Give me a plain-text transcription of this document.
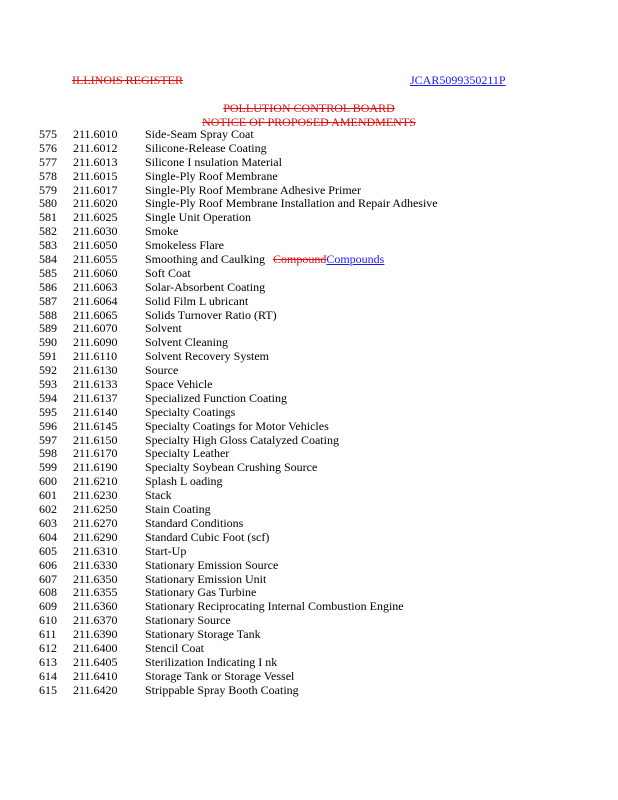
ILLINOIS REGISTER	JCAR5099350211P
POLLUTION CONTROL BOARD
NOTICE OF PROPOSED AMENDMENTS
575 211.6010 Side-Seam Spray Coat
576 211.6012 Silicone-Release Coating
577 211.6013 Silicone I nsulation Material
578 211.6015 Single-Ply Roof Membrane
579 211.6017 Single-Ply Roof Membrane Adhesive Primer
580 211.6020 Single-Ply Roof Membrane Installation and Repair Adhesive
581 211.6025 Single Unit Operation
582 211.6030 Smoke
583 211.6050 Smokeless Flare
584 211.6055 Smoothing and Caulking CompoundCompounds
585 211.6060 Soft Coat
586 211.6063 Solar-Absorbent Coating
587 211.6064 Solid Film L ubricant
588 211.6065 Solids Turnover Ratio (RT)
589 211.6070 Solvent
590 211.6090 Solvent Cleaning
591 211.6110 Solvent Recovery System
592 211.6130 Source
593 211.6133 Space Vehicle
594 211.6137 Specialized Function Coating
595 211.6140 Specialty Coatings
596 211.6145 Specialty Coatings for Motor Vehicles
597 211.6150 Specialty High Gloss Catalyzed Coating
598 211.6170 Specialty Leather
599 211.6190 Specialty Soybean Crushing Source
600 211.6210 Splash L oading
601 211.6230 Stack
602 211.6250 Stain Coating
603 211.6270 Standard Conditions
604 211.6290 Standard Cubic Foot (scf)
605 211.6310 Start-Up
606 211.6330 Stationary Emission Source
607 211.6350 Stationary Emission Unit
608 211.6355 Stationary Gas Turbine
609 211.6360 Stationary Reciprocating Internal Combustion Engine
610 211.6370 Stationary Source
611 211.6390 Stationary Storage Tank
612 211.6400 Stencil Coat
613 211.6405 Sterilization Indicating I nk
614 211.6410 Storage Tank or Storage Vessel
615 211.6420 Strippable Spray Booth Coating
